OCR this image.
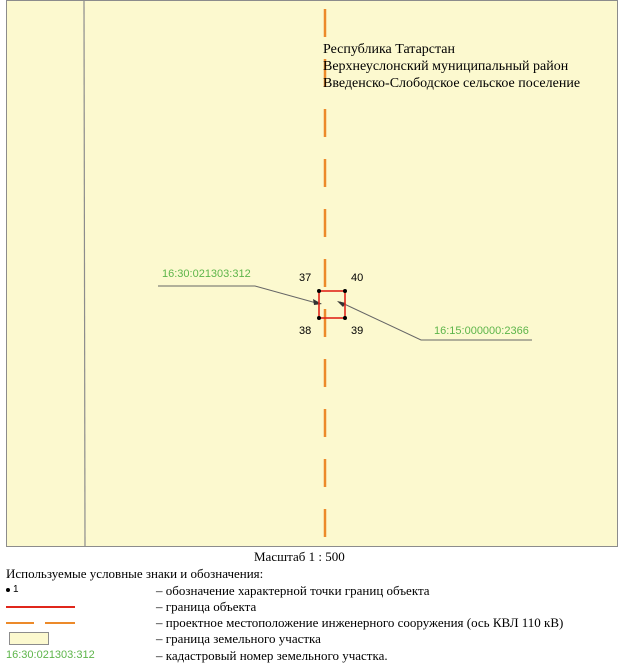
37	40
38	39
16:30:021303:312
16:15:000000:2366
Республика Татарстан
Верхнеуслонский муниципальный район
Введенско-Слободское сельское поселение
Масштаб 1 : 500
Используемые условные знаки и обозначения:
1	– обозначение характерной точки границ объекта
– граница объекта
– проектное местоположение инженерного сооружения (ось КВЛ 110 кВ)
– граница земельного участка
16:30:021303:312	– кадастровый номер земельного участка.
